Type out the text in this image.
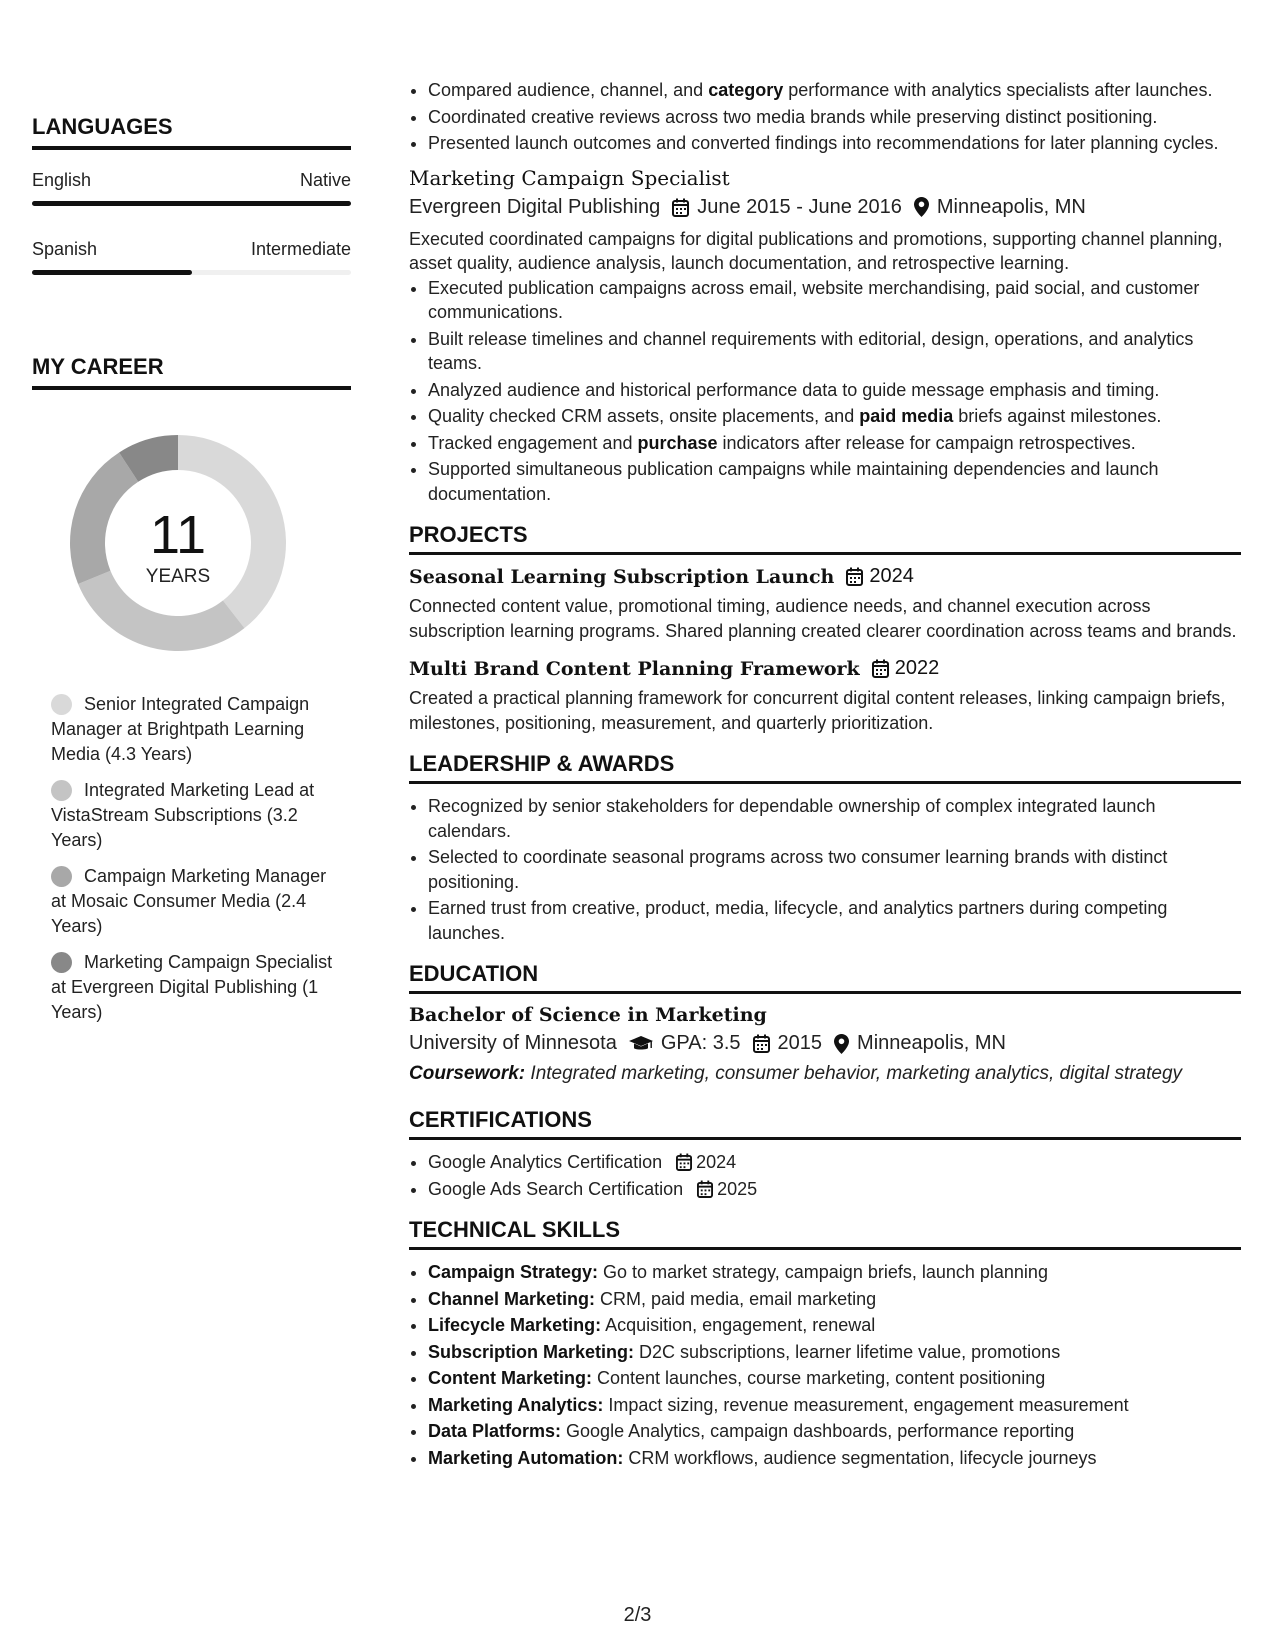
LANGUAGES
English	Native
Spanish	Intermediate
MY CAREER
11
YEARS
Senior Integrated Campaign Manager at Brightpath Learning Media (4.3 Years)
Integrated Marketing Lead at VistaStream Subscriptions (3.2 Years)
Campaign Marketing Manager at Mosaic Consumer Media (2.4 Years)
Marketing Campaign Specialist at Evergreen Digital Publishing (1 Years)
• Compared audience, channel, and category performance with analytics specialists after launches.
• Coordinated creative reviews across two media brands while preserving distinct positioning.
• Presented launch outcomes and converted findings into recommendations for later planning cycles.
Marketing Campaign Specialist
Evergreen Digital Publishing June 2015 - June 2016 Minneapolis, MN
Executed coordinated campaigns for digital publications and promotions, supporting channel planning, asset quality, audience analysis, launch documentation, and retrospective learning.
• Executed publication campaigns across email, website merchandising, paid social, and customer communications.
• Built release timelines and channel requirements with editorial, design, operations, and analytics teams.
• Analyzed audience and historical performance data to guide message emphasis and timing.
• Quality checked CRM assets, onsite placements, and paid media briefs against milestones.
• Tracked engagement and purchase indicators after release for campaign retrospectives.
• Supported simultaneous publication campaigns while maintaining dependencies and launch documentation.
PROJECTS
Seasonal Learning Subscription Launch 2024
Connected content value, promotional timing, audience needs, and channel execution across subscription learning programs. Shared planning created clearer coordination across teams and brands.
Multi Brand Content Planning Framework 2022
Created a practical planning framework for concurrent digital content releases, linking campaign briefs, milestones, positioning, measurement, and quarterly prioritization.
LEADERSHIP & AWARDS
• Recognized by senior stakeholders for dependable ownership of complex integrated launch calendars.
• Selected to coordinate seasonal programs across two consumer learning brands with distinct positioning.
• Earned trust from creative, product, media, lifecycle, and analytics partners during competing launches.
EDUCATION
Bachelor of Science in Marketing
University of Minnesota GPA: 3.5 2015 Minneapolis, MN
Coursework: Integrated marketing, consumer behavior, marketing analytics, digital strategy
CERTIFICATIONS
• Google Analytics Certification 2024
• Google Ads Search Certification 2025
TECHNICAL SKILLS
• Campaign Strategy: Go to market strategy, campaign briefs, launch planning
• Channel Marketing: CRM, paid media, email marketing
• Lifecycle Marketing: Acquisition, engagement, renewal
• Subscription Marketing: D2C subscriptions, learner lifetime value, promotions
• Content Marketing: Content launches, course marketing, content positioning
• Marketing Analytics: Impact sizing, revenue measurement, engagement measurement
• Data Platforms: Google Analytics, campaign dashboards, performance reporting
• Marketing Automation: CRM workflows, audience segmentation, lifecycle journeys
2/3
